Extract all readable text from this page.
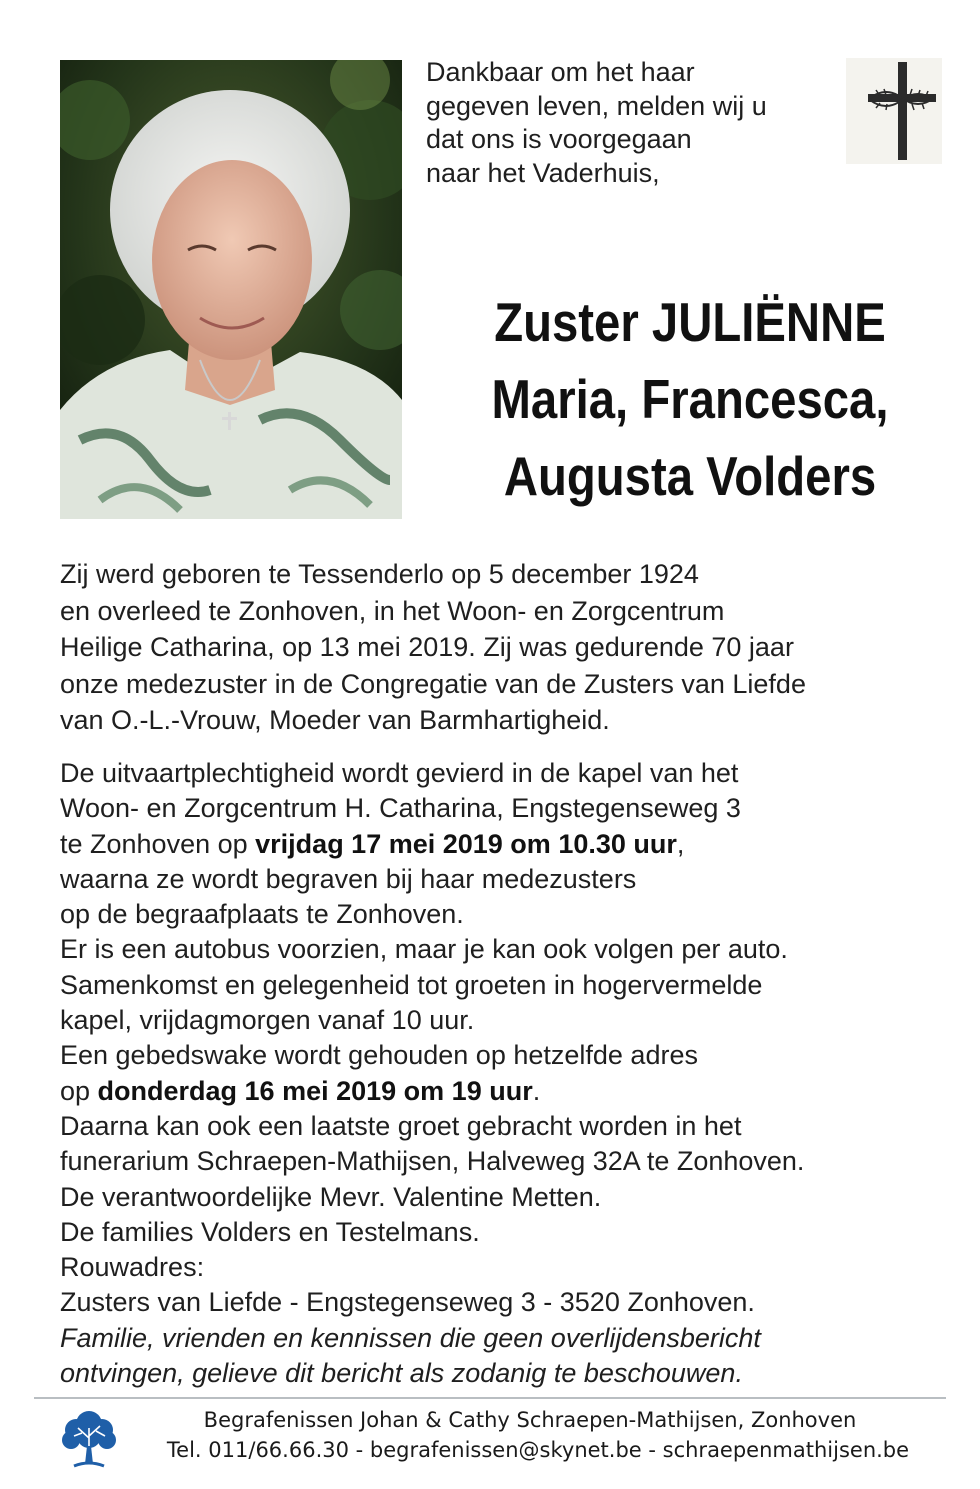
Dankbaar om het haar
gegeven leven, melden wij u
dat ons is voorgegaan
naar het Vaderhuis,
Zuster JULIËNNE
Maria, Francesca,
Augusta Volders
Zij werd geboren te Tessenderlo op 5 december 1924
en overleed te Zonhoven, in het Woon- en Zorgcentrum
Heilige Catharina, op 13 mei 2019. Zij was gedurende 70 jaar
onze medezuster in de Congregatie van de Zusters van Liefde
van O.-L.-Vrouw, Moeder van Barmhartigheid.
De uitvaartplechtigheid wordt gevierd in de kapel van het
Woon- en Zorgcentrum H. Catharina, Engstegenseweg 3
te Zonhoven op vrijdag 17 mei 2019 om 10.30 uur,
waarna ze wordt begraven bij haar medezusters
op de begraafplaats te Zonhoven.
Er is een autobus voorzien, maar je kan ook volgen per auto.
Samenkomst en gelegenheid tot groeten in hogervermelde
kapel, vrijdagmorgen vanaf 10 uur.
Een gebedswake wordt gehouden op hetzelfde adres
op donderdag 16 mei 2019 om 19 uur.
Daarna kan ook een laatste groet gebracht worden in het
funerarium Schraepen-Mathijsen, Halveweg 32A te Zonhoven.
De verantwoordelijke Mevr. Valentine Metten.
De families Volders en Testelmans.
Rouwadres:
Zusters van Liefde - Engstegenseweg 3 - 3520 Zonhoven.
Familie, vrienden en kennissen die geen overlijdensbericht
ontvingen, gelieve dit bericht als zodanig te beschouwen.
Begrafenissen Johan & Cathy Schraepen-Mathijsen, Zonhoven
Tel. 011/66.66.30 - begrafenissen@skynet.be - schraepenmathijsen.be
